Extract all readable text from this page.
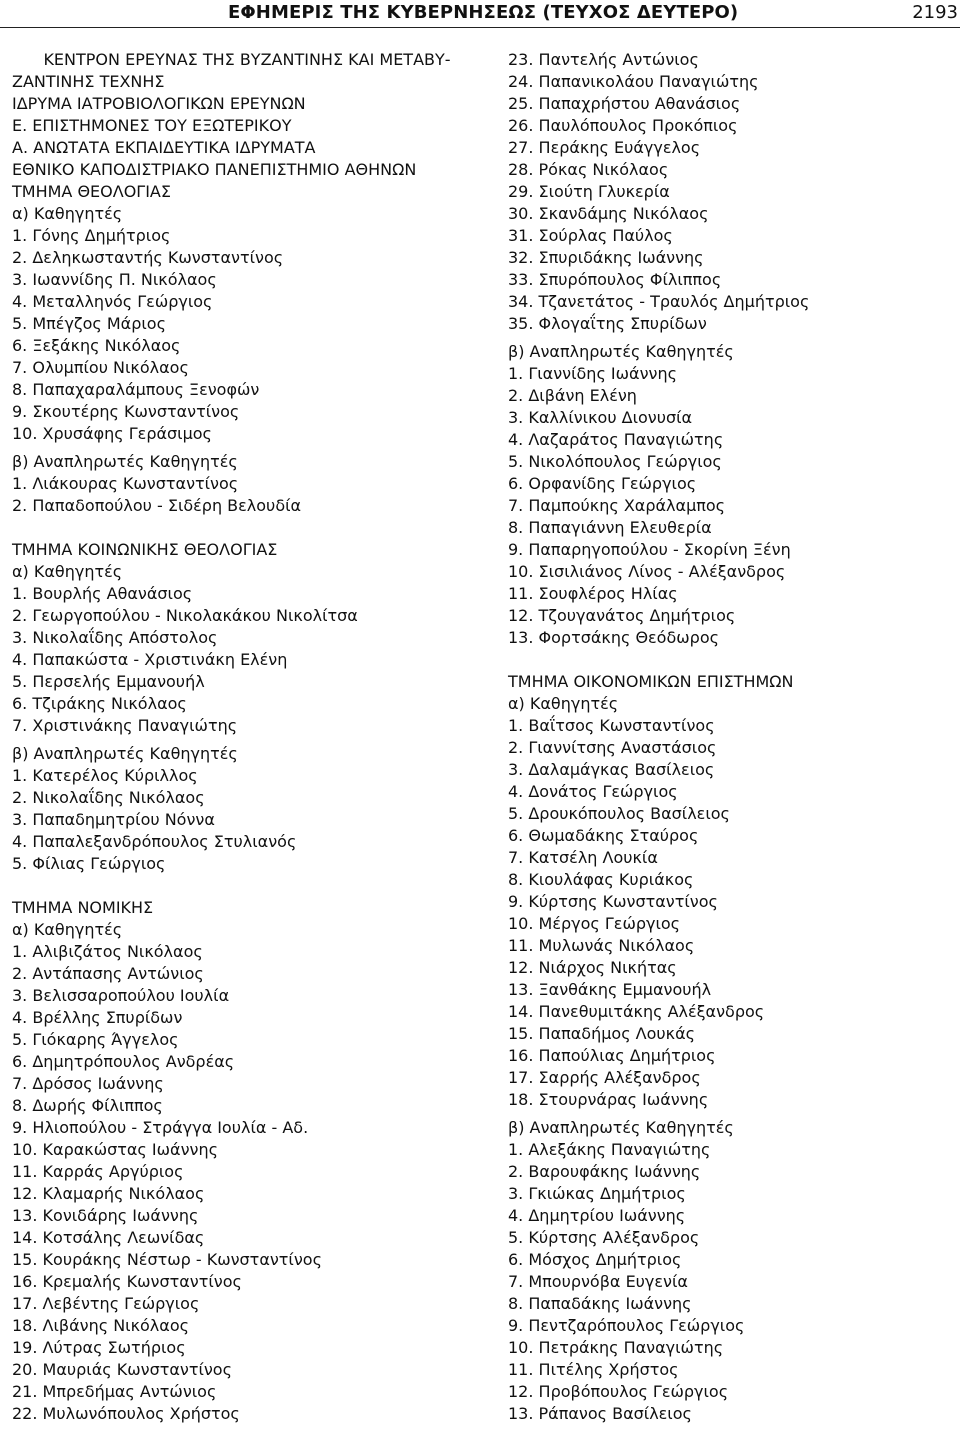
ΕΦΗΜΕΡΙΣ ΤΗΣ ΚΥΒΕΡΝΗΣΕΩΣ (ΤΕΥΧΟΣ ΔΕΥΤΕΡΟ)	2193
ΚΕΝΤΡΟΝ ΕΡΕΥΝΑΣ ΤΗΣ ΒΥΖΑΝΤΙΝΗΣ ΚΑΙ ΜΕΤΑΒΥ-
ΖΑΝΤΙΝΗΣ ΤΕΧΝΗΣ
ΙΔΡΥΜΑ ΙΑΤΡΟΒΙΟΛΟΓΙΚΩΝ ΕΡΕΥΝΩΝ
Ε. ΕΠΙΣΤΗΜΟΝΕΣ ΤΟΥ ΕΞΩΤΕΡΙΚΟΥ
Α. ΑΝΩΤΑΤΑ ΕΚΠΑΙΔΕΥΤΙΚΑ ΙΔΡΥΜΑΤΑ
ΕΘΝΙΚΟ ΚΑΠΟΔΙΣΤΡΙΑΚΟ ΠΑΝΕΠΙΣΤΗΜΙΟ ΑΘΗΝΩΝ
ΤΜΗΜΑ ΘΕΟΛΟΓΙΑΣ
α) Καθηγητές
1. Γόνης Δημήτριος
2. Δεληκωσταντής Κωνσταντίνος
3. Ιωαννίδης Π. Νικόλαος
4. Μεταλληνός Γεώργιος
5. Μπέγζος Μάριος
6. Ξεξάκης Νικόλαος
7. Ολυμπίου Νικόλαος
8. Παπαχαραλάμπους Ξενοφών
9. Σκουτέρης Κωνσταντίνος
10. Χρυσάφης Γεράσιμος
β) Αναπληρωτές Καθηγητές
1. Λιάκουρας Κωνσταντίνος
2. Παπαδοπούλου - Σιδέρη Βελουδία
ΤΜΗΜΑ ΚΟΙΝΩΝΙΚΗΣ ΘΕΟΛΟΓΙΑΣ
α) Καθηγητές
1. Βουρλής Αθανάσιος
2. Γεωργοπούλου - Νικολακάκου Νικολίτσα
3. Νικολαΐδης Απόστολος
4. Παπακώστα - Χριστινάκη Ελένη
5. Περσελής Εμμανουήλ
6. Τζιράκης Νικόλαος
7. Χριστινάκης Παναγιώτης
β) Αναπληρωτές Καθηγητές
1. Κατερέλος Κύριλλος
2. Νικολαΐδης Νικόλαος
3. Παπαδημητρίου Νόννα
4. Παπαλεξανδρόπουλος Στυλιανός
5. Φίλιας Γεώργιος
ΤΜΗΜΑ ΝΟΜΙΚΗΣ
α) Καθηγητές
1. Αλιβιζάτος Νικόλαος
2. Αντάπασης Αντώνιος
3. Βελισσαροπούλου Ιουλία
4. Βρέλλης Σπυρίδων
5. Γιόκαρης Άγγελος
6. Δημητρόπουλος Ανδρέας
7. Δρόσος Ιωάννης
8. Δωρής Φίλιππος
9. Ηλιοπούλου - Στράγγα Ιουλία - Αδ.
10. Καρακώστας Ιωάννης
11. Καρράς Αργύριος
12. Κλαμαρής Νικόλαος
13. Κονιδάρης Ιωάννης
14. Κοτσάλης Λεωνίδας
15. Κουράκης Νέστωρ - Κωνσταντίνος
16. Κρεμαλής Κωνσταντίνος
17. Λεβέντης Γεώργιος
18. Λιβάνης Νικόλαος
19. Λύτρας Σωτήριος
20. Μαυριάς Κωνσταντίνος
21. Μπρεδήμας Αντώνιος
22. Μυλωνόπουλος Χρήστος
23. Παντελής Αντώνιος
24. Παπανικολάου Παναγιώτης
25. Παπαχρήστου Αθανάσιος
26. Παυλόπουλος Προκόπιος
27. Περάκης Ευάγγελος
28. Ρόκας Νικόλαος
29. Σιούτη Γλυκερία
30. Σκανδάμης Νικόλαος
31. Σούρλας Παύλος
32. Σπυριδάκης Ιωάννης
33. Σπυρόπουλος Φίλιππος
34. Τζανετάτος - Τραυλός Δημήτριος
35. Φλογαΐτης Σπυρίδων
β) Αναπληρωτές Καθηγητές
1. Γιαννίδης Ιωάννης
2. Διβάνη Ελένη
3. Καλλίνικου Διονυσία
4. Λαζαράτος Παναγιώτης
5. Νικολόπουλος Γεώργιος
6. Ορφανίδης Γεώργιος
7. Παμπούκης Χαράλαμπος
8. Παπαγιάννη Ελευθερία
9. Παπαρηγοπούλου - Σκορίνη Ξένη
10. Σισιλιάνος Λίνος - Αλέξανδρος
11. Σουφλέρος Ηλίας
12. Τζουγανάτος Δημήτριος
13. Φορτσάκης Θεόδωρος
ΤΜΗΜΑ ΟΙΚΟΝΟΜΙΚΩΝ ΕΠΙΣΤΗΜΩΝ
α) Καθηγητές
1. Βαΐτσος Κωνσταντίνος
2. Γιαννίτσης Αναστάσιος
3. Δαλαμάγκας Βασίλειος
4. Δονάτος Γεώργιος
5. Δρουκόπουλος Βασίλειος
6. Θωμαδάκης Σταύρος
7. Κατσέλη Λουκία
8. Κιουλάφας Κυριάκος
9. Κύρτσης Κωνσταντίνος
10. Μέργος Γεώργιος
11. Μυλωνάς Νικόλαος
12. Νιάρχος Νικήτας
13. Ξανθάκης Εμμανουήλ
14. Πανεθυμιτάκης Αλέξανδρος
15. Παπαδήμος Λουκάς
16. Παπούλιας Δημήτριος
17. Σαρρής Αλέξανδρος
18. Στουρνάρας Ιωάννης
β) Αναπληρωτές Καθηγητές
1. Αλεξάκης Παναγιώτης
2. Βαρουφάκης Ιωάννης
3. Γκιώκας Δημήτριος
4. Δημητρίου Ιωάννης
5. Κύρτσης Αλέξανδρος
6. Μόσχος Δημήτριος
7. Μπουρνόβα Ευγενία
8. Παπαδάκης Ιωάννης
9. Πεντζαρόπουλος Γεώργιος
10. Πετράκης Παναγιώτης
11. Πιτέλης Χρήστος
12. Προβόπουλος Γεώργιος
13. Ράπανος Βασίλειος
